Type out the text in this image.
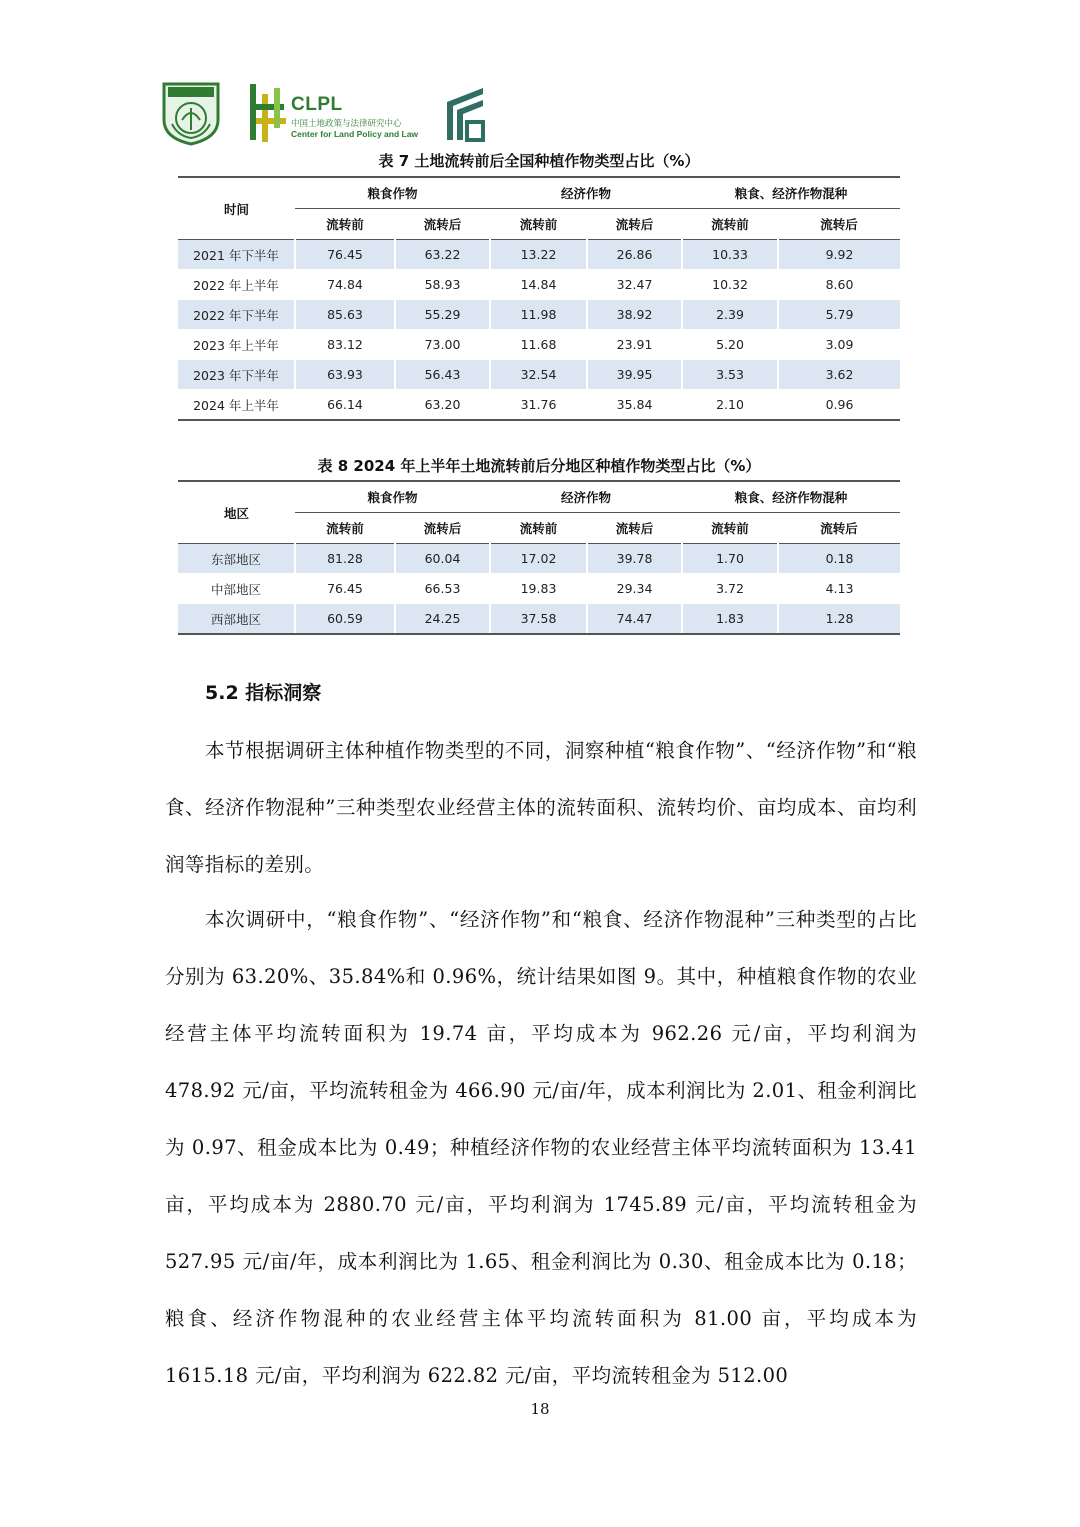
CLPL
中国土地政策与法律研究中心
Center for Land Policy and Law
表 7 土地流转前后全国种植作物类型占比（%）
时间	粮食作物		经济作物		粮食、经济作物混种	
	流转前	流转后	流转前	流转后	流转前	流转后
2021 年下半年	76.45	63.22	13.22	26.86	10.33	9.92
2022 年上半年	74.84	58.93	14.84	32.47	10.32	8.60
2022 年下半年	85.63	55.29	11.98	38.92	2.39	5.79
2023 年上半年	83.12	73.00	11.68	23.91	5.20	3.09
2023 年下半年	63.93	56.43	32.54	39.95	3.53	3.62
2024 年上半年	66.14	63.20	31.76	35.84	2.10	0.96
表 8 2024 年上半年土地流转前后分地区种植作物类型占比（%）
地区	粮食作物		经济作物		粮食、经济作物混种	
	流转前	流转后	流转前	流转后	流转前	流转后
东部地区	81.28	60.04	17.02	39.78	1.70	0.18
中部地区	76.45	66.53	19.83	29.34	3.72	4.13
西部地区	60.59	24.25	37.58	74.47	1.83	1.28
5.2 指标洞察

本节根据调研主体种植作物类型的不同，洞察种植“粮食作物”、“经济作物”和“粮食、经济作物混种”三种类型农业经营主体的流转面积、流转均价、亩均成本、亩均利润等指标的差别。

本次调研中，“粮食作物”、“经济作物”和“粮食、经济作物混种”三种类型的占比分别为 63.20%、35.84%和 0.96%，统计结果如图 9。其中，种植粮食作物的农业经营主体平均流转面积为 19.74 亩，平均成本为 962.26 元/亩，平均利润为 478.92 元/亩，平均流转租金为 466.90 元/亩/年，成本利润比为 2.01、租金利润比为 0.97、租金成本比为 0.49；种植经济作物的农业经营主体平均流转面积为 13.41 亩，平均成本为 2880.70 元/亩，平均利润为 1745.89 元/亩，平均流转租金为 527.95 元/亩/年，成本利润比为 1.65、租金利润比为 0.30、租金成本比为 0.18；粮食、经济作物混种的农业经营主体平均流转面积为 81.00 亩，平均成本为 1615.18 元/亩，平均利润为 622.82 元/亩，平均流转租金为 512.00

18
